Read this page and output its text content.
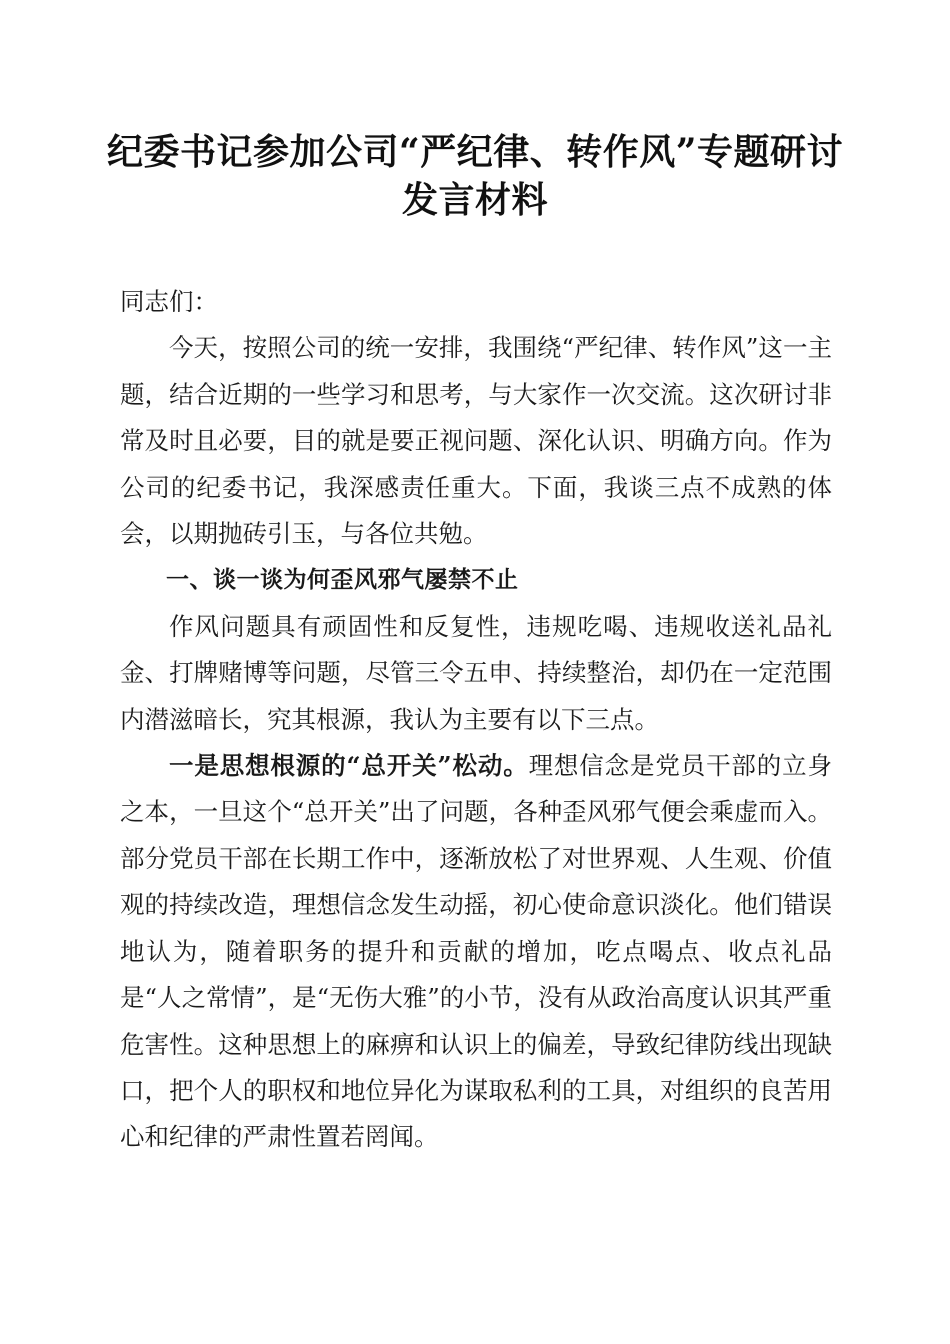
纪委书记参加公司“严纪律、转作风”专题研讨发言材料

同志们：

今天，按照公司的统一安排，我围绕“严纪律、转作风”这一主题，结合近期的一些学习和思考，与大家作一次交流。这次研讨非常及时且必要，目的就是要正视问题、深化认识、明确方向。作为公司的纪委书记，我深感责任重大。下面，我谈三点不成熟的体会，以期抛砖引玉，与各位共勉。

一、谈一谈为何歪风邪气屡禁不止

作风问题具有顽固性和反复性，违规吃喝、违规收送礼品礼金、打牌赌博等问题，尽管三令五申、持续整治，却仍在一定范围内潜滋暗长，究其根源，我认为主要有以下三点。

一是思想根源的“总开关”松动。理想信念是党员干部的立身之本，一旦这个“总开关”出了问题，各种歪风邪气便会乘虚而入。部分党员干部在长期工作中，逐渐放松了对世界观、人生观、价值观的持续改造，理想信念发生动摇，初心使命意识淡化。他们错误地认为，随着职务的提升和贡献的增加，吃点喝点、收点礼品是“人之常情”，是“无伤大雅”的小节，没有从政治高度认识其严重危害性。这种思想上的麻痹和认识上的偏差，导致纪律防线出现缺口，把个人的职权和地位异化为谋取私利的工具，对组织的良苦用心和纪律的严肃性置若罔闻。
